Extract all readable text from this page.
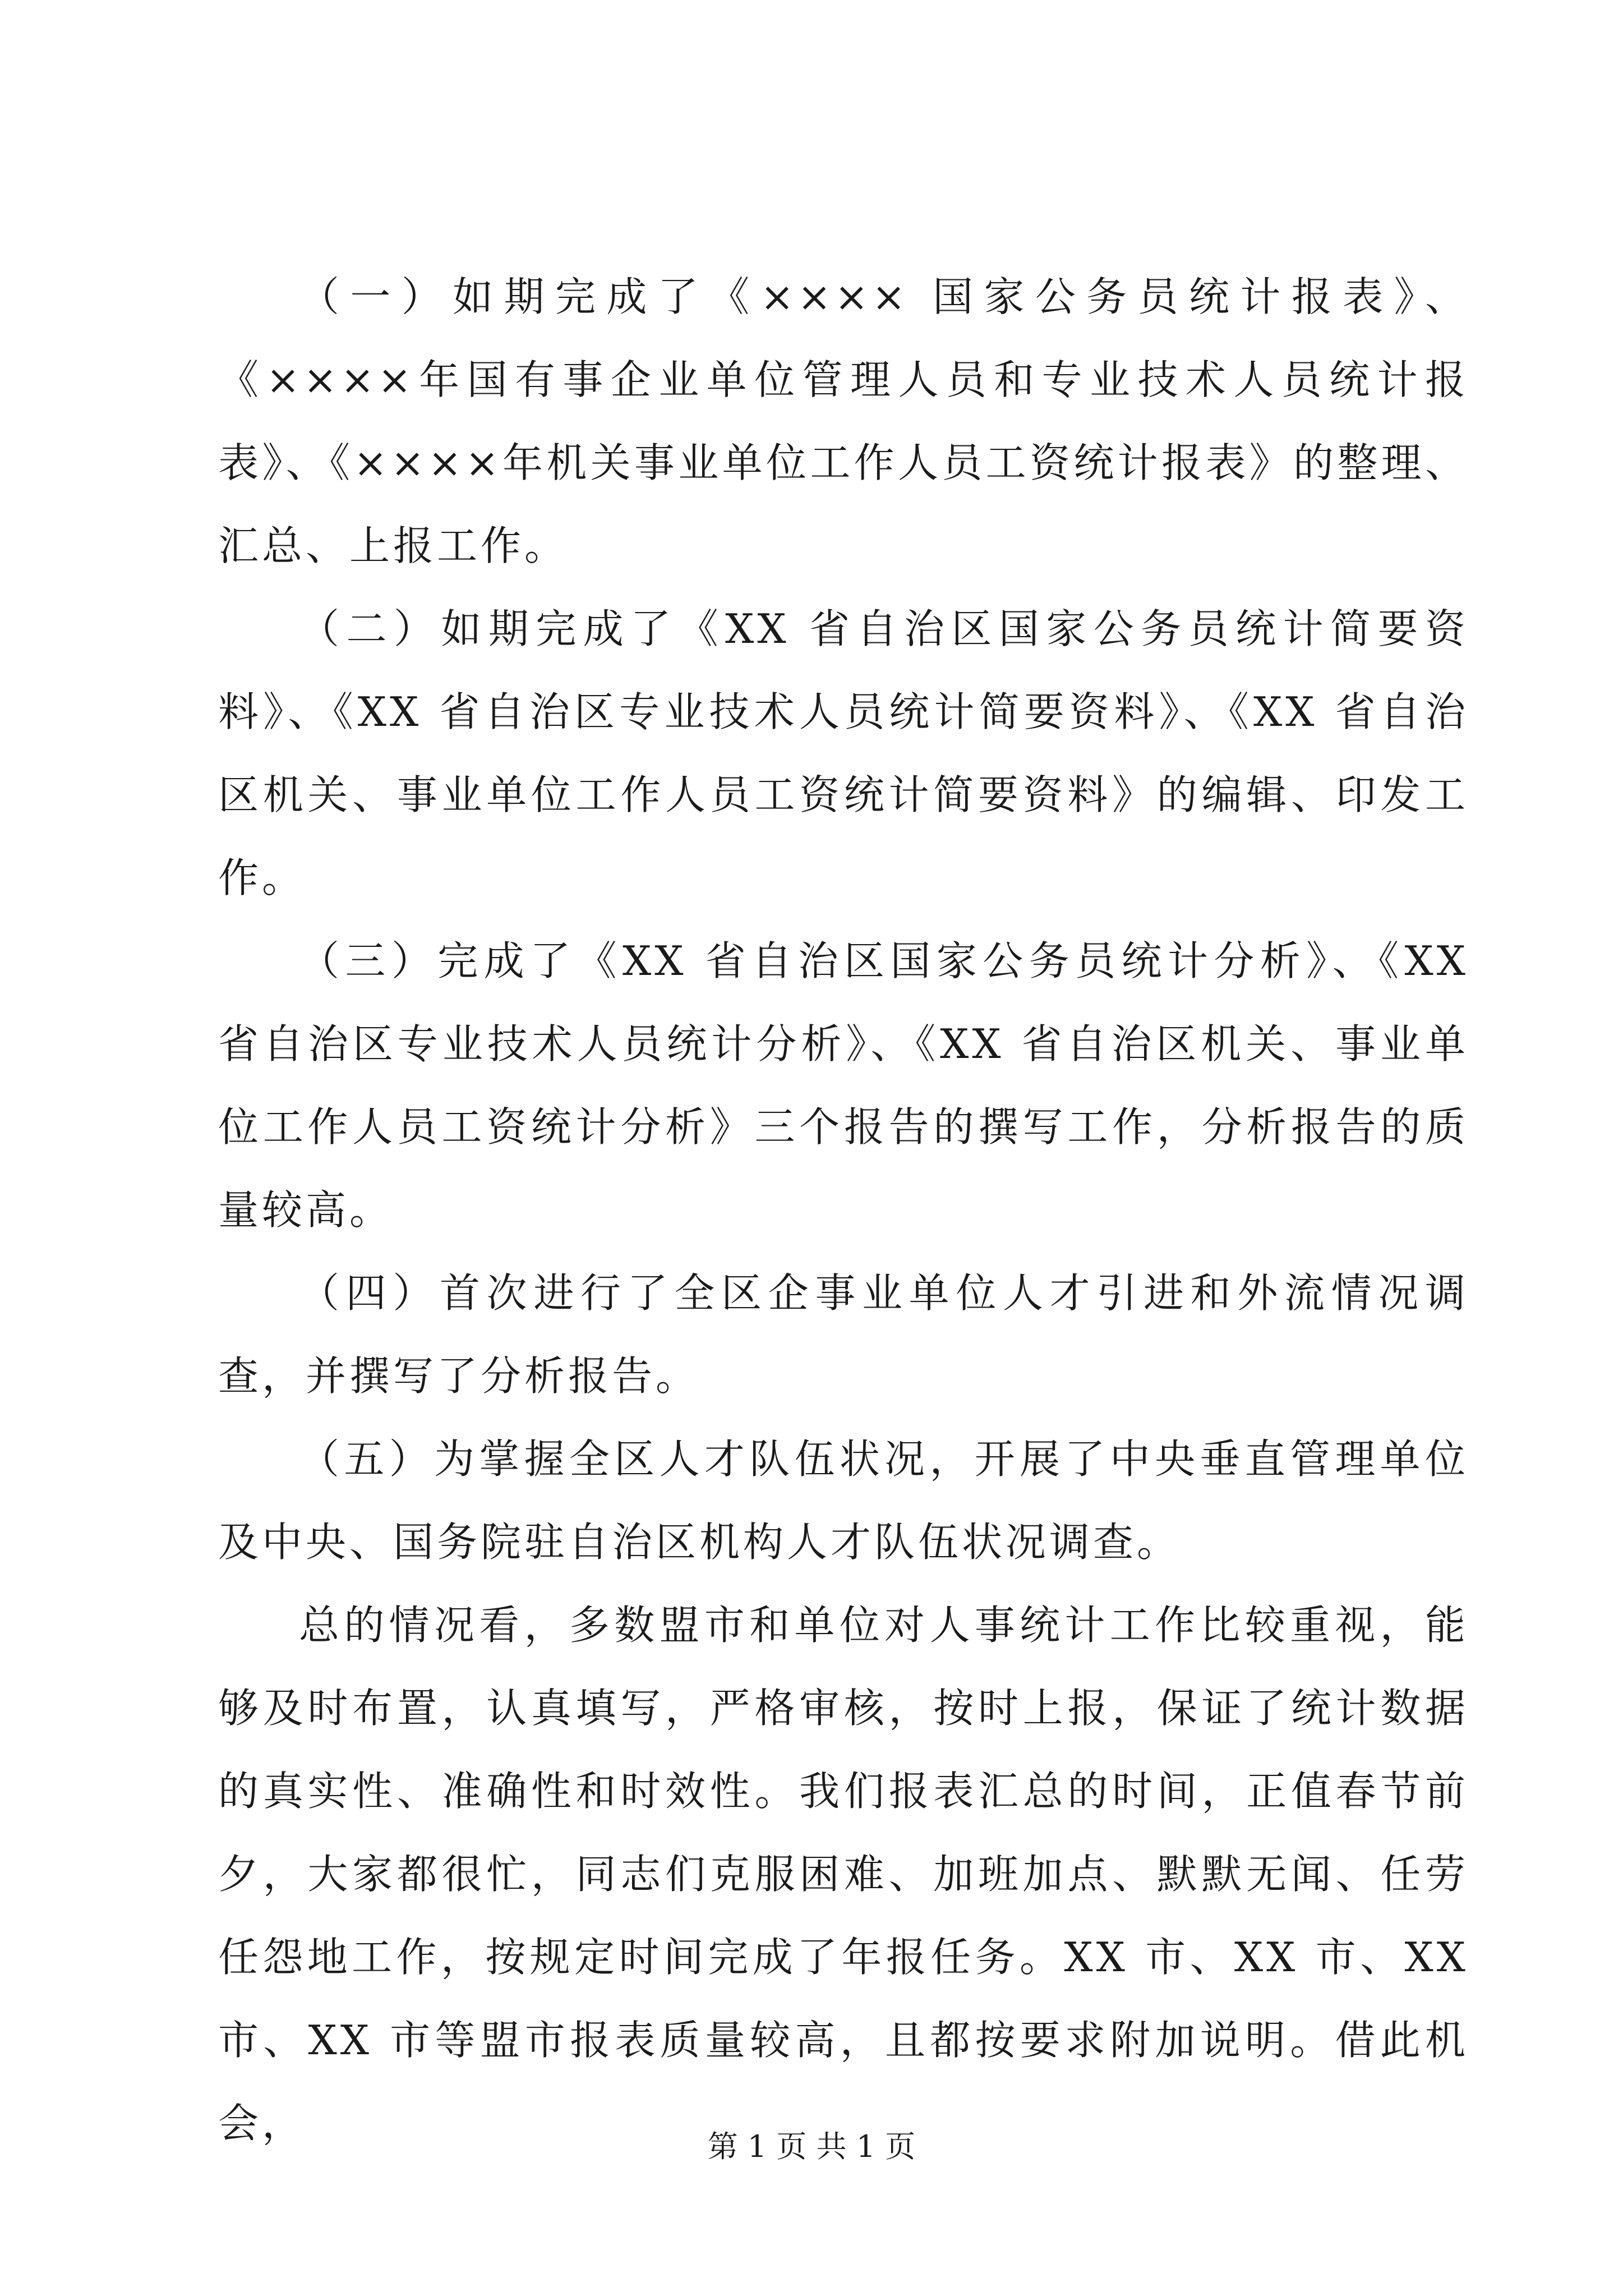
（一）如期完成了《×××× 国家公务员统计报表》、《××××年国有事企业单位管理人员和专业技术人员统计报表》、《××××年机关事业单位工作人员工资统计报表》的整理、汇总、上报工作。

（二）如期完成了《XX 省自治区国家公务员统计简要资料》、《XX 省自治区专业技术人员统计简要资料》、《XX 省自治区机关、事业单位工作人员工资统计简要资料》的编辑、印发工作。

（三）完成了《XX 省自治区国家公务员统计分析》、《XX 省自治区专业技术人员统计分析》、《XX 省自治区机关、事业单位工作人员工资统计分析》三个报告的撰写工作，分析报告的质量较高。

（四）首次进行了全区企事业单位人才引进和外流情况调查，并撰写了分析报告。

（五）为掌握全区人才队伍状况，开展了中央垂直管理单位及中央、国务院驻自治区机构人才队伍状况调查。

总的情况看，多数盟市和单位对人事统计工作比较重视，能够及时布置，认真填写，严格审核，按时上报，保证了统计数据的真实性、准确性和时效性。我们报表汇总的时间，正值春节前夕，大家都很忙，同志们克服困难、加班加点、默默无闻、任劳任怨地工作，按规定时间完成了年报任务。XX 市、XX 市、XX 市、XX 市等盟市报表质量较高，且都按要求附加说明。借此机会，	第 1 页 共 1 页
